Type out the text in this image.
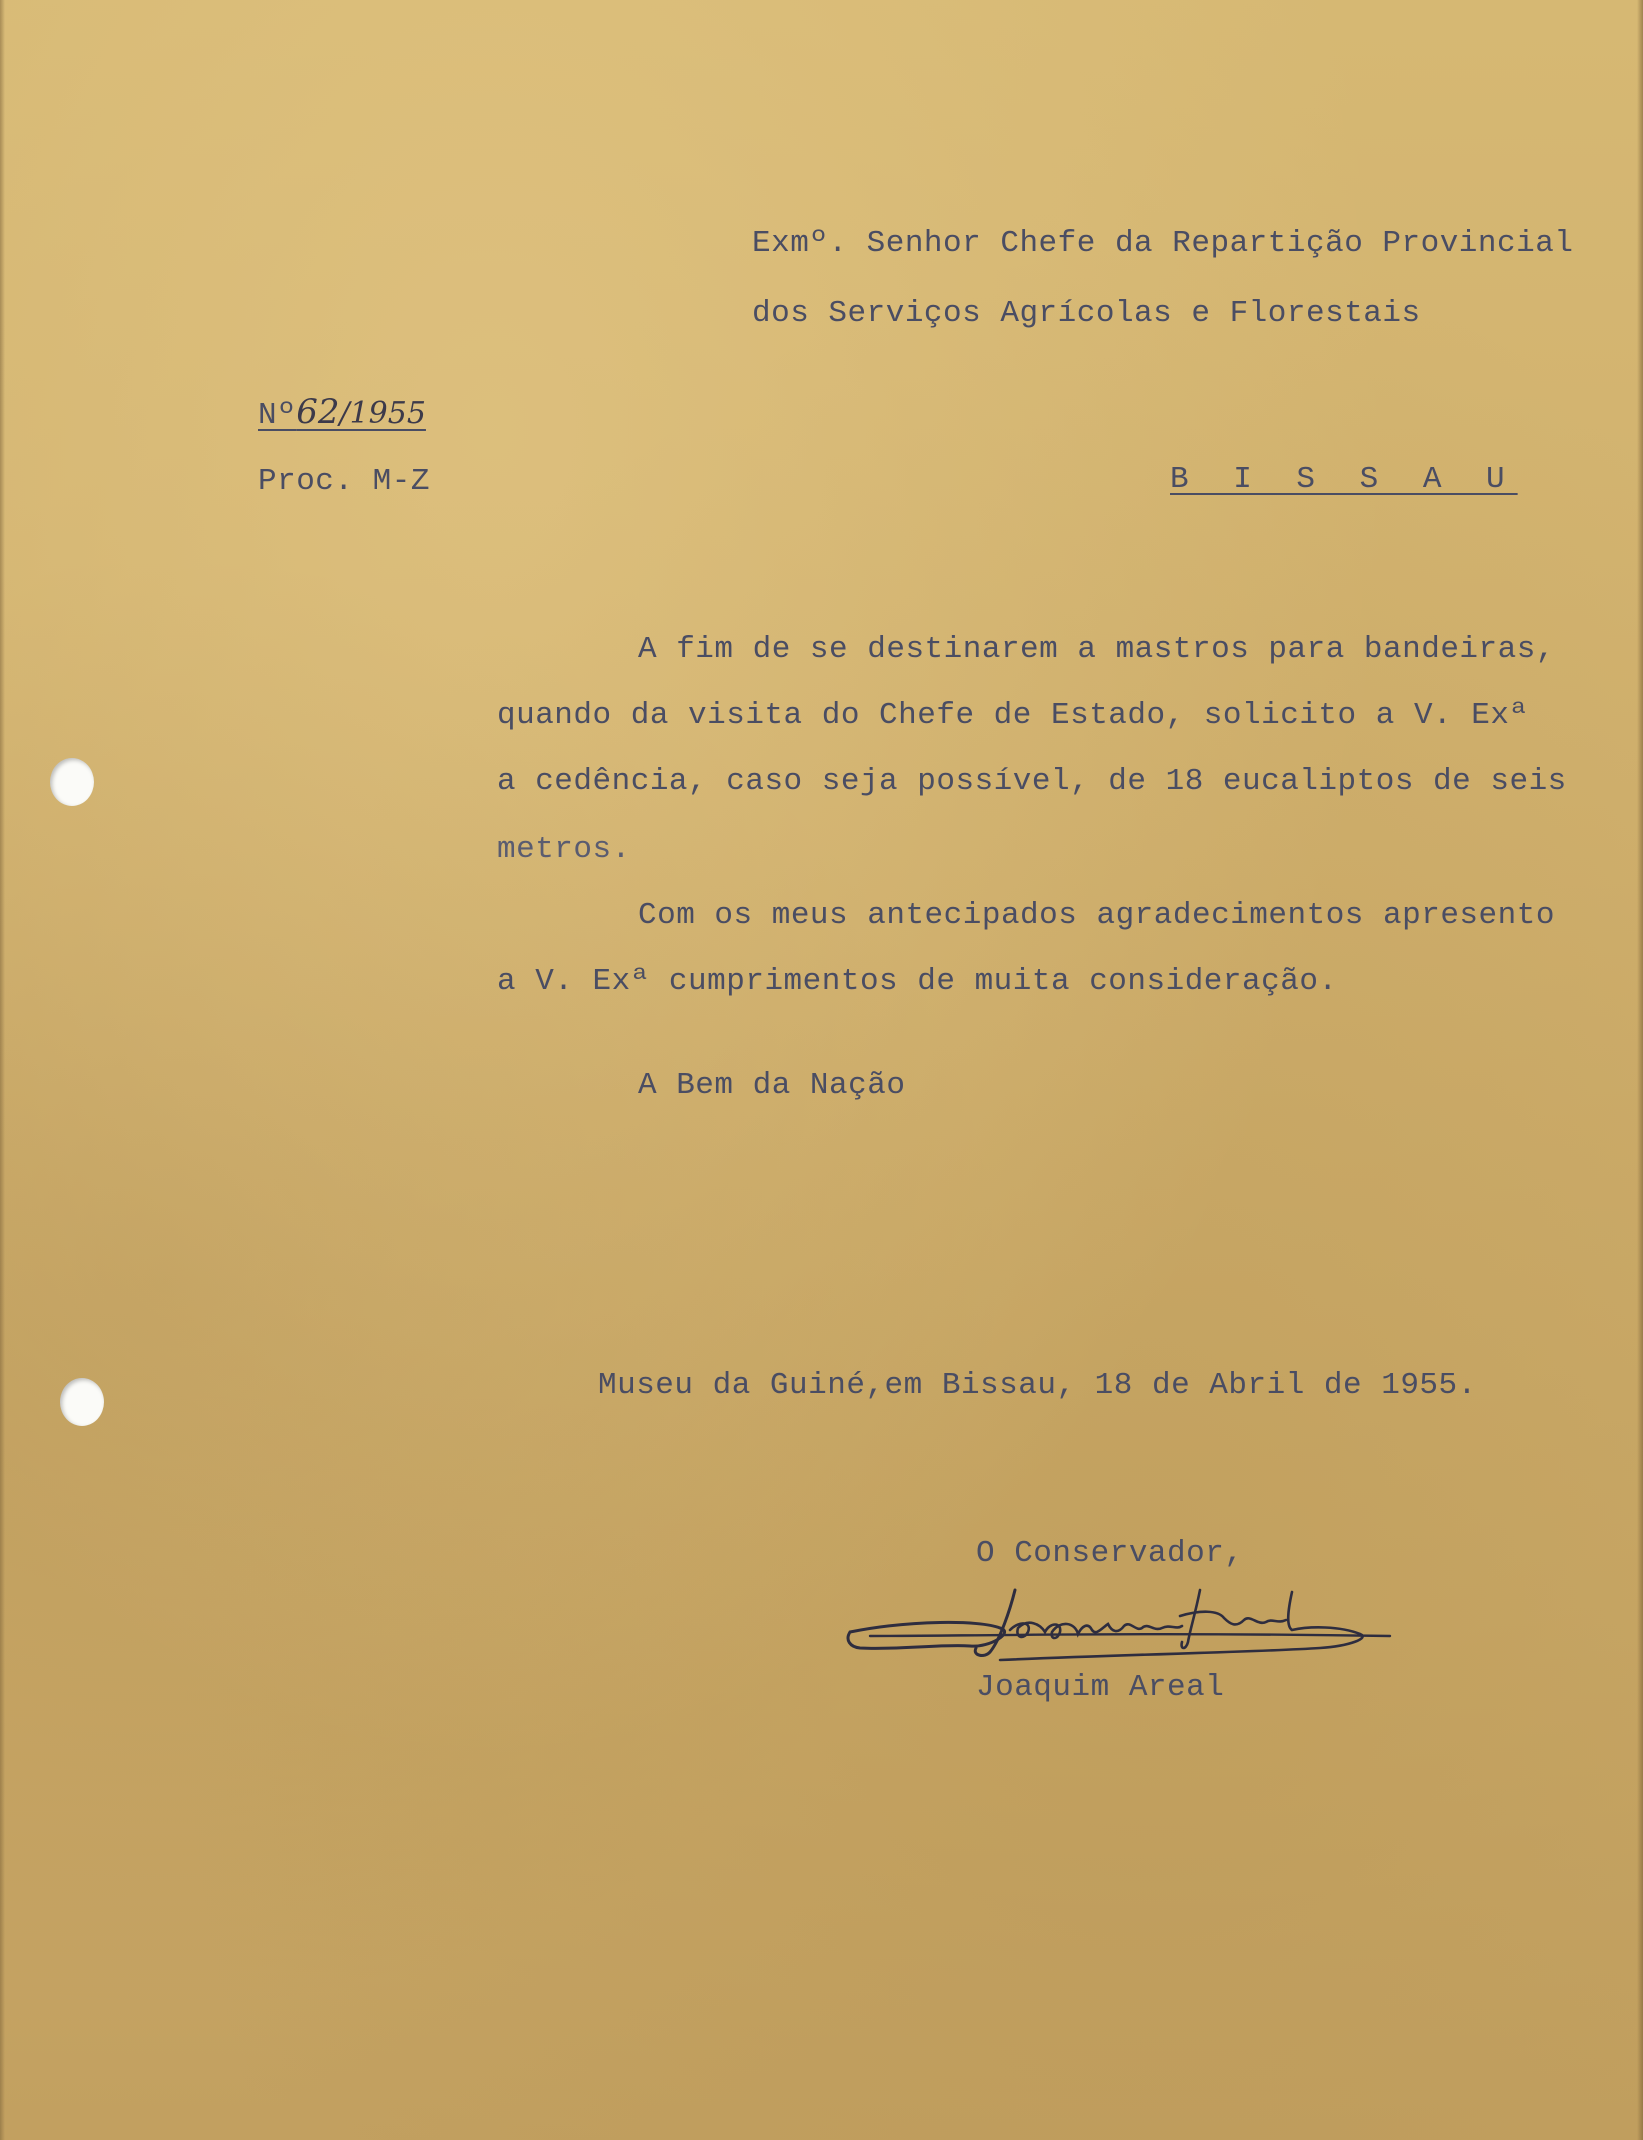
Exmº. Senhor Chefe da Repartição Provincial
dos Serviços Agrícolas e Florestais
Nº62/1955
Proc. M-Z	B I S S A U
A fim de se destinarem a mastros para bandeiras,
quando da visita do Chefe de Estado, solicito a V. Exª
a cedência, caso seja possível, de 18 eucaliptos de seis
metros.
Com os meus antecipados agradecimentos apresento
a V. Exª cumprimentos de muita consideração.
A Bem da Nação
Museu da Guiné,em Bissau, 18 de Abril de 1955.
O Conservador,
Joaquim Areal
